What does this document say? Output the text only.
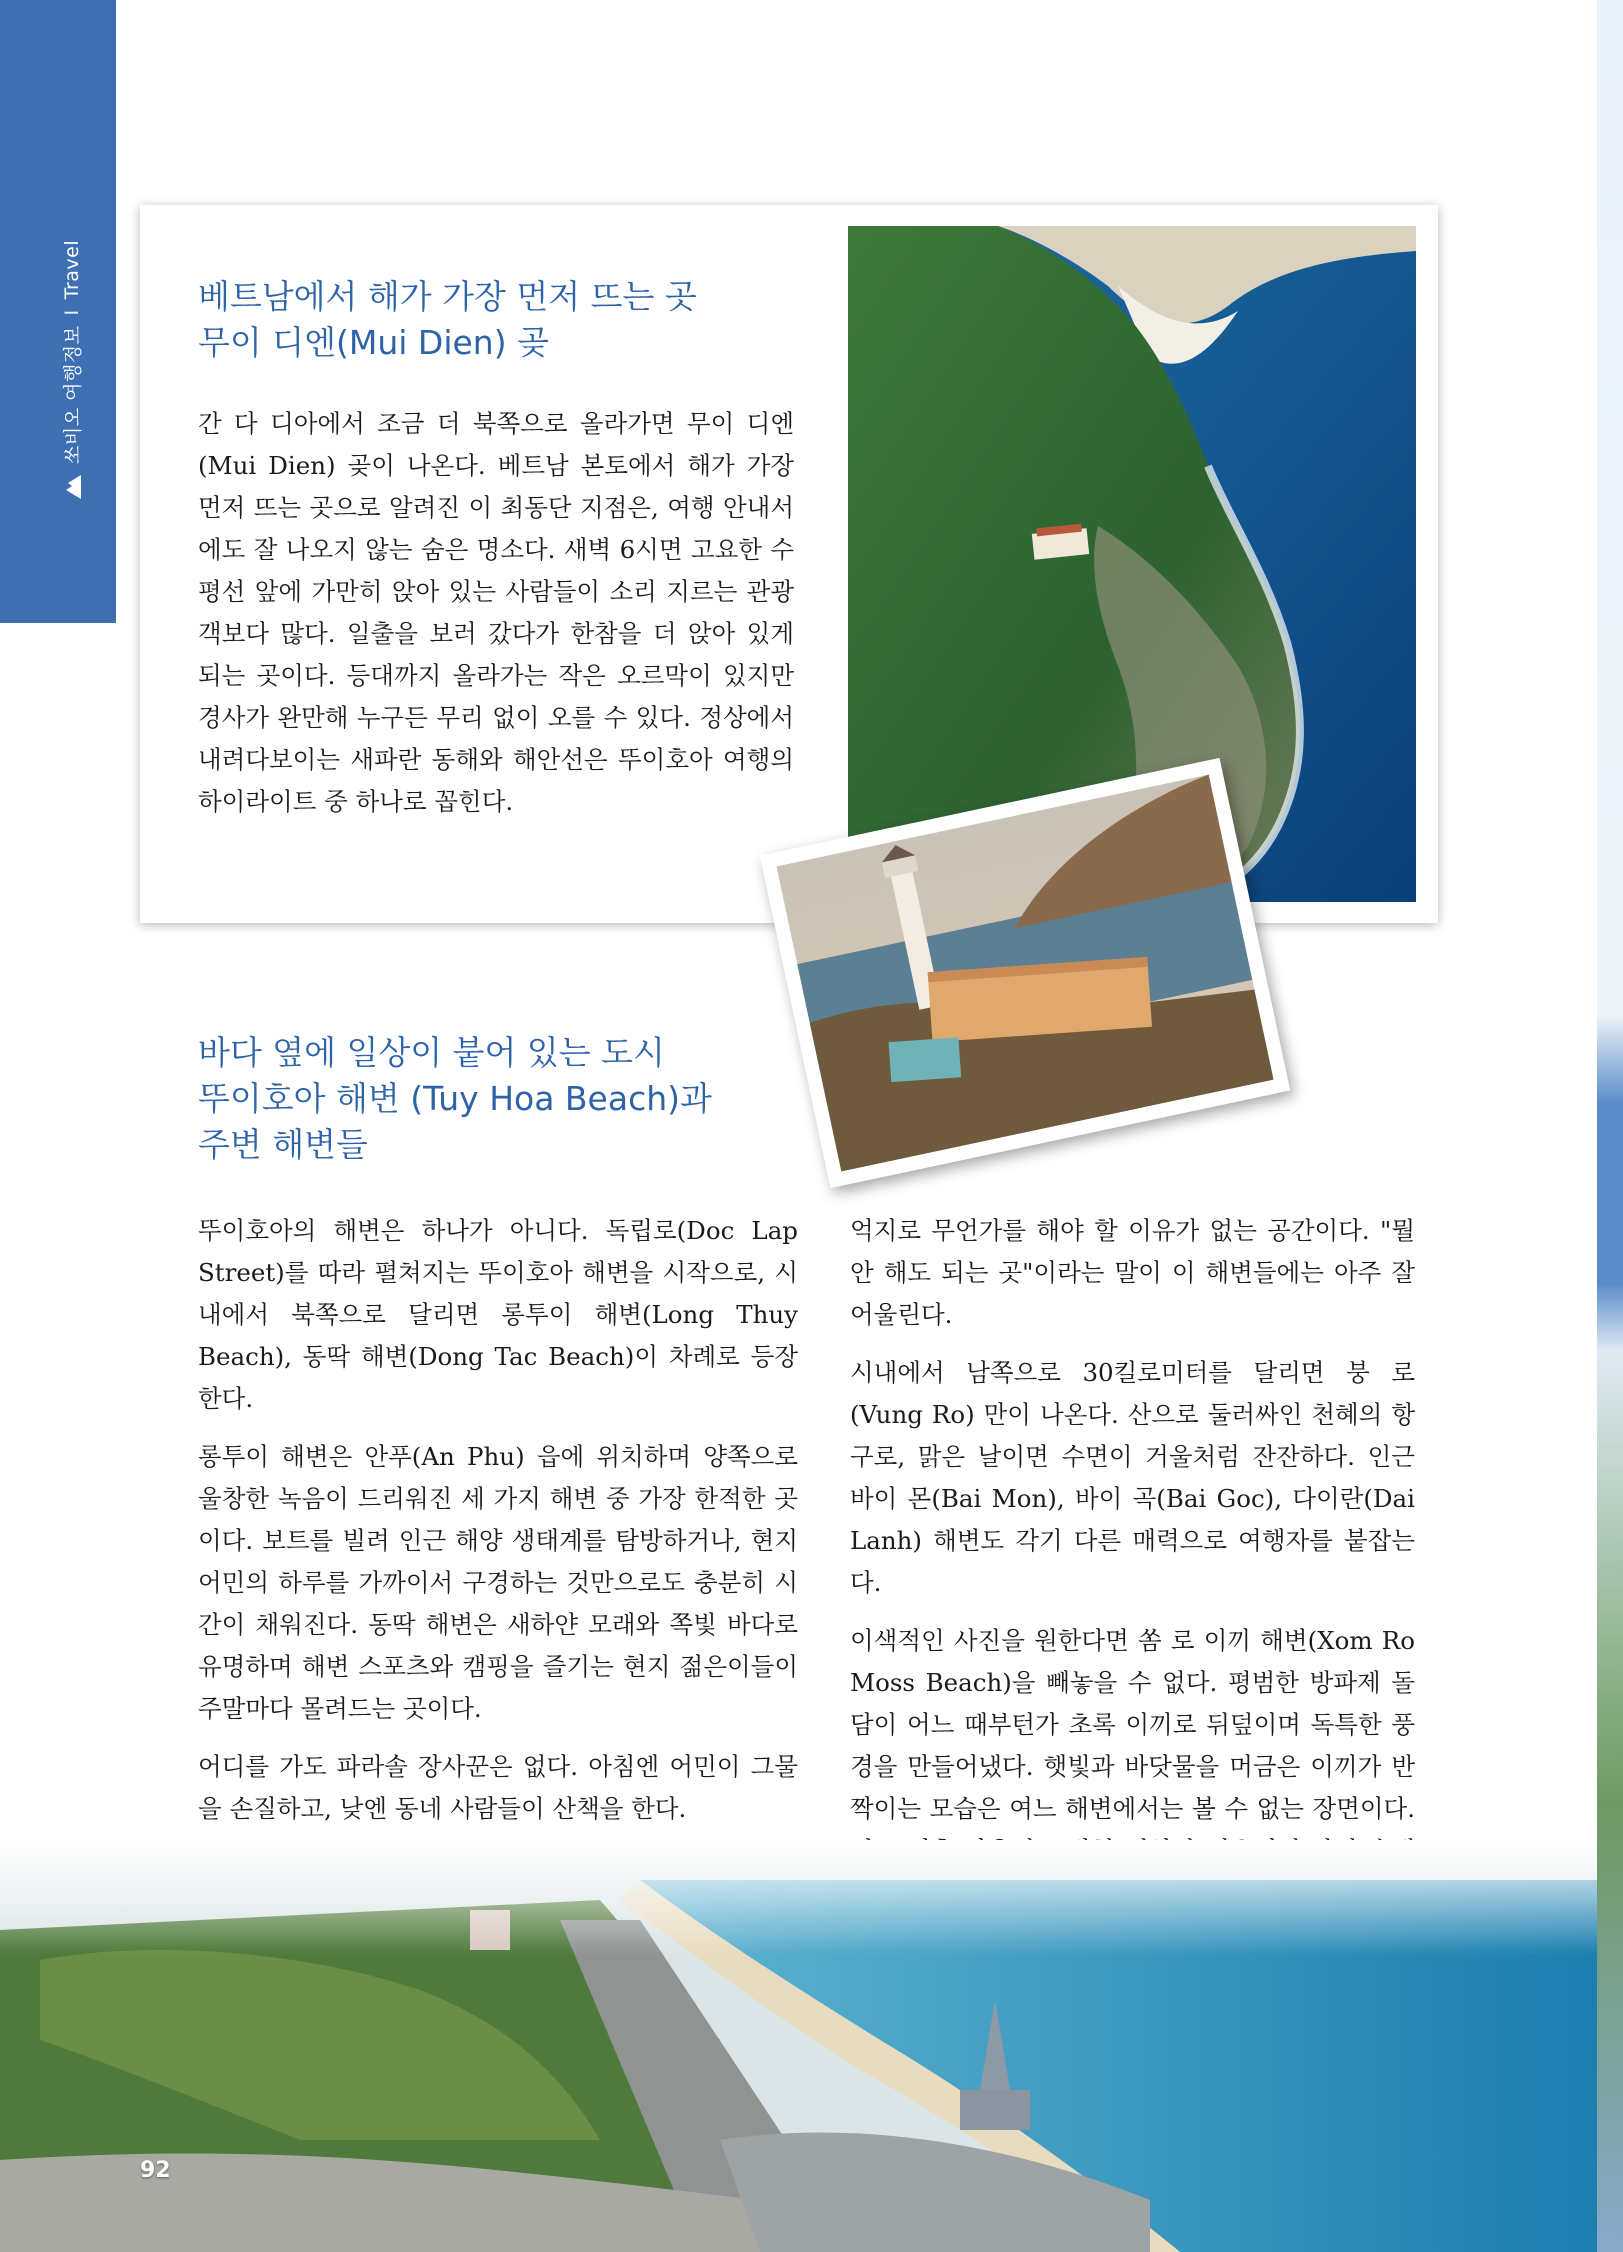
쏘비오 여행정보
I
Travel	베트남에서 해가 가장 먼저 뜨는 곳
무이 디엔(Mui Dien) 곶

간 다 디아에서 조금 더 북쪽으로 올라가면 무이 디엔(Mui Dien) 곶이 나온다. 베트남 본토에서 해가 가장 먼저 뜨는 곳으로 알려진 이 최동단 지점은, 여행 안내서에도 잘 나오지 않는 숨은 명소다. 새벽 6시면 고요한 수평선 앞에 가만히 앉아 있는 사람들이 소리 지르는 관광객보다 많다. 일출을 보러 갔다가 한참을 더 앉아 있게 되는 곳이다. 등대까지 올라가는 작은 오르막이 있지만 경사가 완만해 누구든 무리 없이 오를 수 있다. 정상에서 내려다보이는 새파란 동해와 해안선은 뚜이호아 여행의 하이라이트 중 하나로 꼽힌다.

바다 옆에 일상이 붙어 있는 도시
뚜이호아 해변 (Tuy Hoa Beach)과
주변 해변들

뚜이호아의 해변은 하나가 아니다. 독립로(Doc Lap Street)를 따라 펼쳐지는 뚜이호아 해변을 시작으로, 시내에서 북쪽으로 달리면 롱투이 해변(Long Thuy Beach), 동딱 해변(Dong Tac Beach)이 차례로 등장한다.

롱투이 해변은 안푸(An Phu) 읍에 위치하며 양쪽으로 울창한 녹음이 드리워진 세 가지 해변 중 가장 한적한 곳이다. 보트를 빌려 인근 해양 생태계를 탐방하거나, 현지 어민의 하루를 가까이서 구경하는 것만으로도 충분히 시간이 채워진다. 동딱 해변은 새하얀 모래와 쪽빛 바다로 유명하며 해변 스포츠와 캠핑을 즐기는 현지 젊은이들이 주말마다 몰려드는 곳이다.

어디를 가도 파라솔 장사꾼은 없다. 아침엔 어민이 그물을 손질하고, 낮엔 동네 사람들이 산책을 한다.

억지로 무언가를 해야 할 이유가 없는 공간이다. "뭘 안 해도 되는 곳"이라는 말이 이 해변들에는 아주 잘 어울린다.

시내에서 남쪽으로 30킬로미터를 달리면 붕 로(Vung Ro) 만이 나온다. 산으로 둘러싸인 천혜의 항구로, 맑은 날이면 수면이 거울처럼 잔잔하다. 인근 바이 몬(Bai Mon), 바이 곡(Bai Goc), 다이란(Dai Lanh) 해변도 각기 다른 매력으로 여행자를 붙잡는다.

이색적인 사진을 원한다면 쏨 로 이끼 해변(Xom Ro Moss Beach)을 빼놓을 수 없다. 평범한 방파제 돌담이 어느 때부턴가 초록 이끼로 뒤덮이며 독특한 풍경을 만들어냈다. 햇빛과 바닷물을 머금은 이끼가 반짝이는 모습은 여느 해변에서는 볼 수 없는 장면이다.

92
